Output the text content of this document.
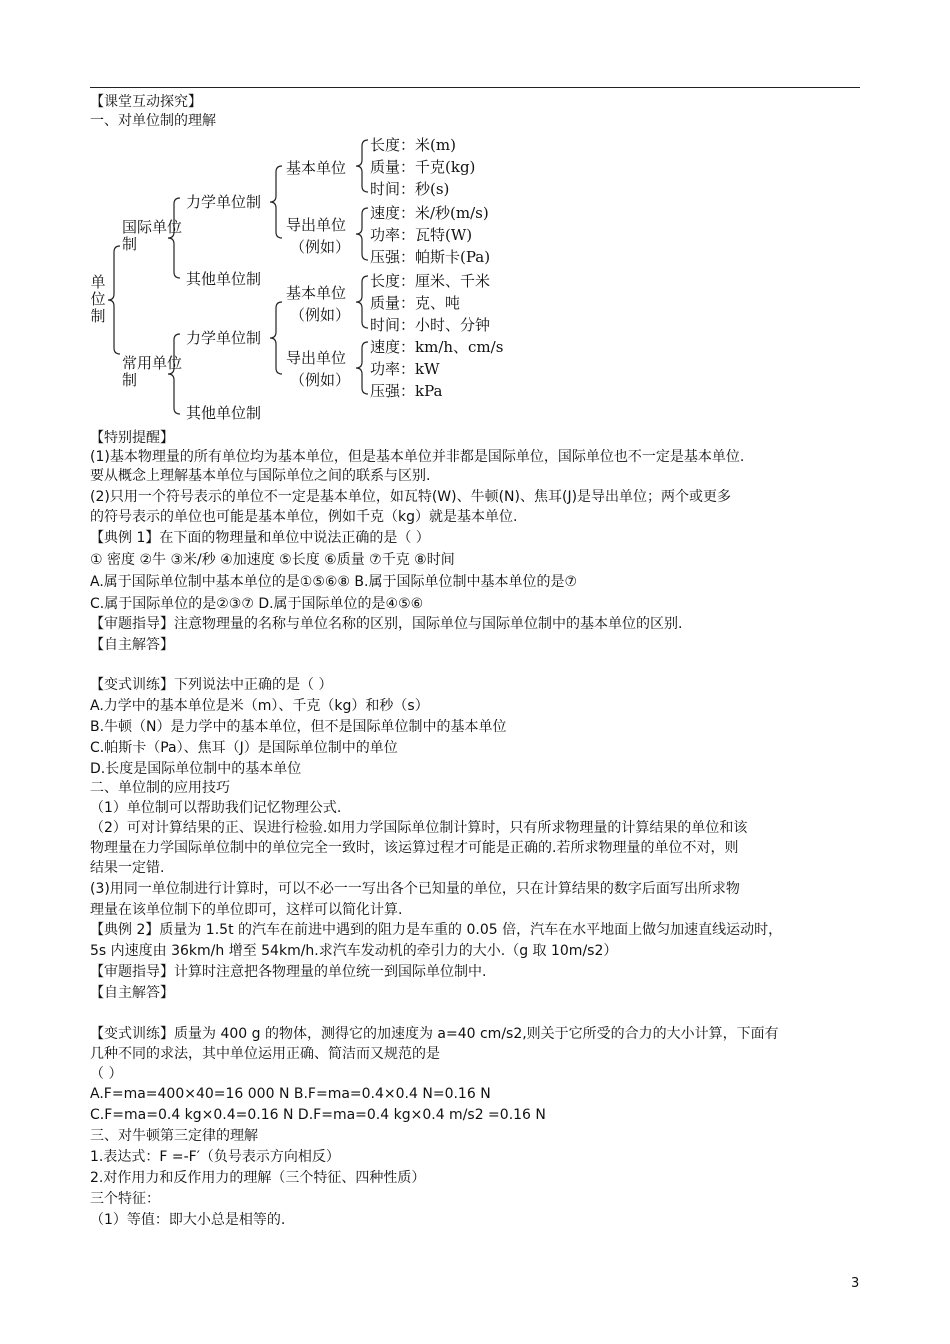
【课堂互动探究】
一、对单位制的理解
单位制
国际单位制
常用单位制
力学单位制
其他单位制
力学单位制
其他单位制
基本单位
导出单位
（例如）
基本单位
（例如）
导出单位
（例如）
长度：米(m)
质量：千克(kg)
时间：秒(s)
速度：米/秒(m/s)
功率：瓦特(W)
压强：帕斯卡(Pa)
长度：厘米、千米
质量：克、吨
时间：小时、分钟
速度：km/h、cm/s
功率：kW
压强：kPa
【特别提醒】
(1)基本物理量的所有单位均为基本单位，但是基本单位并非都是国际单位，国际单位也不一定是基本单位.
要从概念上理解基本单位与国际单位之间的联系与区别.
(2)只用一个符号表示的单位不一定是基本单位，如瓦特(W)、牛顿(N)、焦耳(J)是导出单位；两个或更多
的符号表示的单位也可能是基本单位，例如千克（kg）就是基本单位.
【典例 1】在下面的物理量和单位中说法正确的是（ ）
① 密度 ②牛 ③米/秒 ④加速度 ⑤长度 ⑥质量 ⑦千克 ⑧时间
A.属于国际单位制中基本单位的是①⑤⑥⑧ B.属于国际单位制中基本单位的是⑦
C.属于国际单位的是②③⑦ D.属于国际单位的是④⑤⑥
【审题指导】注意物理量的名称与单位名称的区别，国际单位与国际单位制中的基本单位的区别.
【自主解答】
【变式训练】下列说法中正确的是（ ）
A.力学中的基本单位是米（m）、千克（kg）和秒（s）
B.牛顿（N）是力学中的基本单位，但不是国际单位制中的基本单位
C.帕斯卡（Pa）、焦耳（J）是国际单位制中的单位
D.长度是国际单位制中的基本单位
二、单位制的应用技巧
（1）单位制可以帮助我们记忆物理公式.
（2）可对计算结果的正、误进行检验.如用力学国际单位制计算时，只有所求物理量的计算结果的单位和该
物理量在力学国际单位制中的单位完全一致时，该运算过程才可能是正确的.若所求物理量的单位不对，则
结果一定错.
(3)用同一单位制进行计算时，可以不必一一写出各个已知量的单位，只在计算结果的数字后面写出所求物
理量在该单位制下的单位即可，这样可以简化计算.
【典例 2】质量为 1.5t 的汽车在前进中遇到的阻力是车重的 0.05 倍，汽车在水平地面上做匀加速直线运动时，
5s 内速度由 36km/h 增至 54km/h.求汽车发动机的牵引力的大小.（g 取 10m/s2）
【审题指导】计算时注意把各物理量的单位统一到国际单位制中.
【自主解答】
【变式训练】质量为 400 g 的物体，测得它的加速度为 a=40 cm/s2,则关于它所受的合力的大小计算，下面有
几种不同的求法，其中单位运用正确、简洁而又规范的是
（ ）
A.F=ma=400×40=16 000 N B.F=ma=0.4×0.4 N=0.16 N
C.F=ma=0.4 kg×0.4=0.16 N D.F=ma=0.4 kg×0.4 m/s2 =0.16 N
三、对牛顿第三定律的理解
1.表达式：F =-F′（负号表示方向相反）
2.对作用力和反作用力的理解（三个特征、四种性质）
三个特征：
（1）等值：即大小总是相等的.
3
